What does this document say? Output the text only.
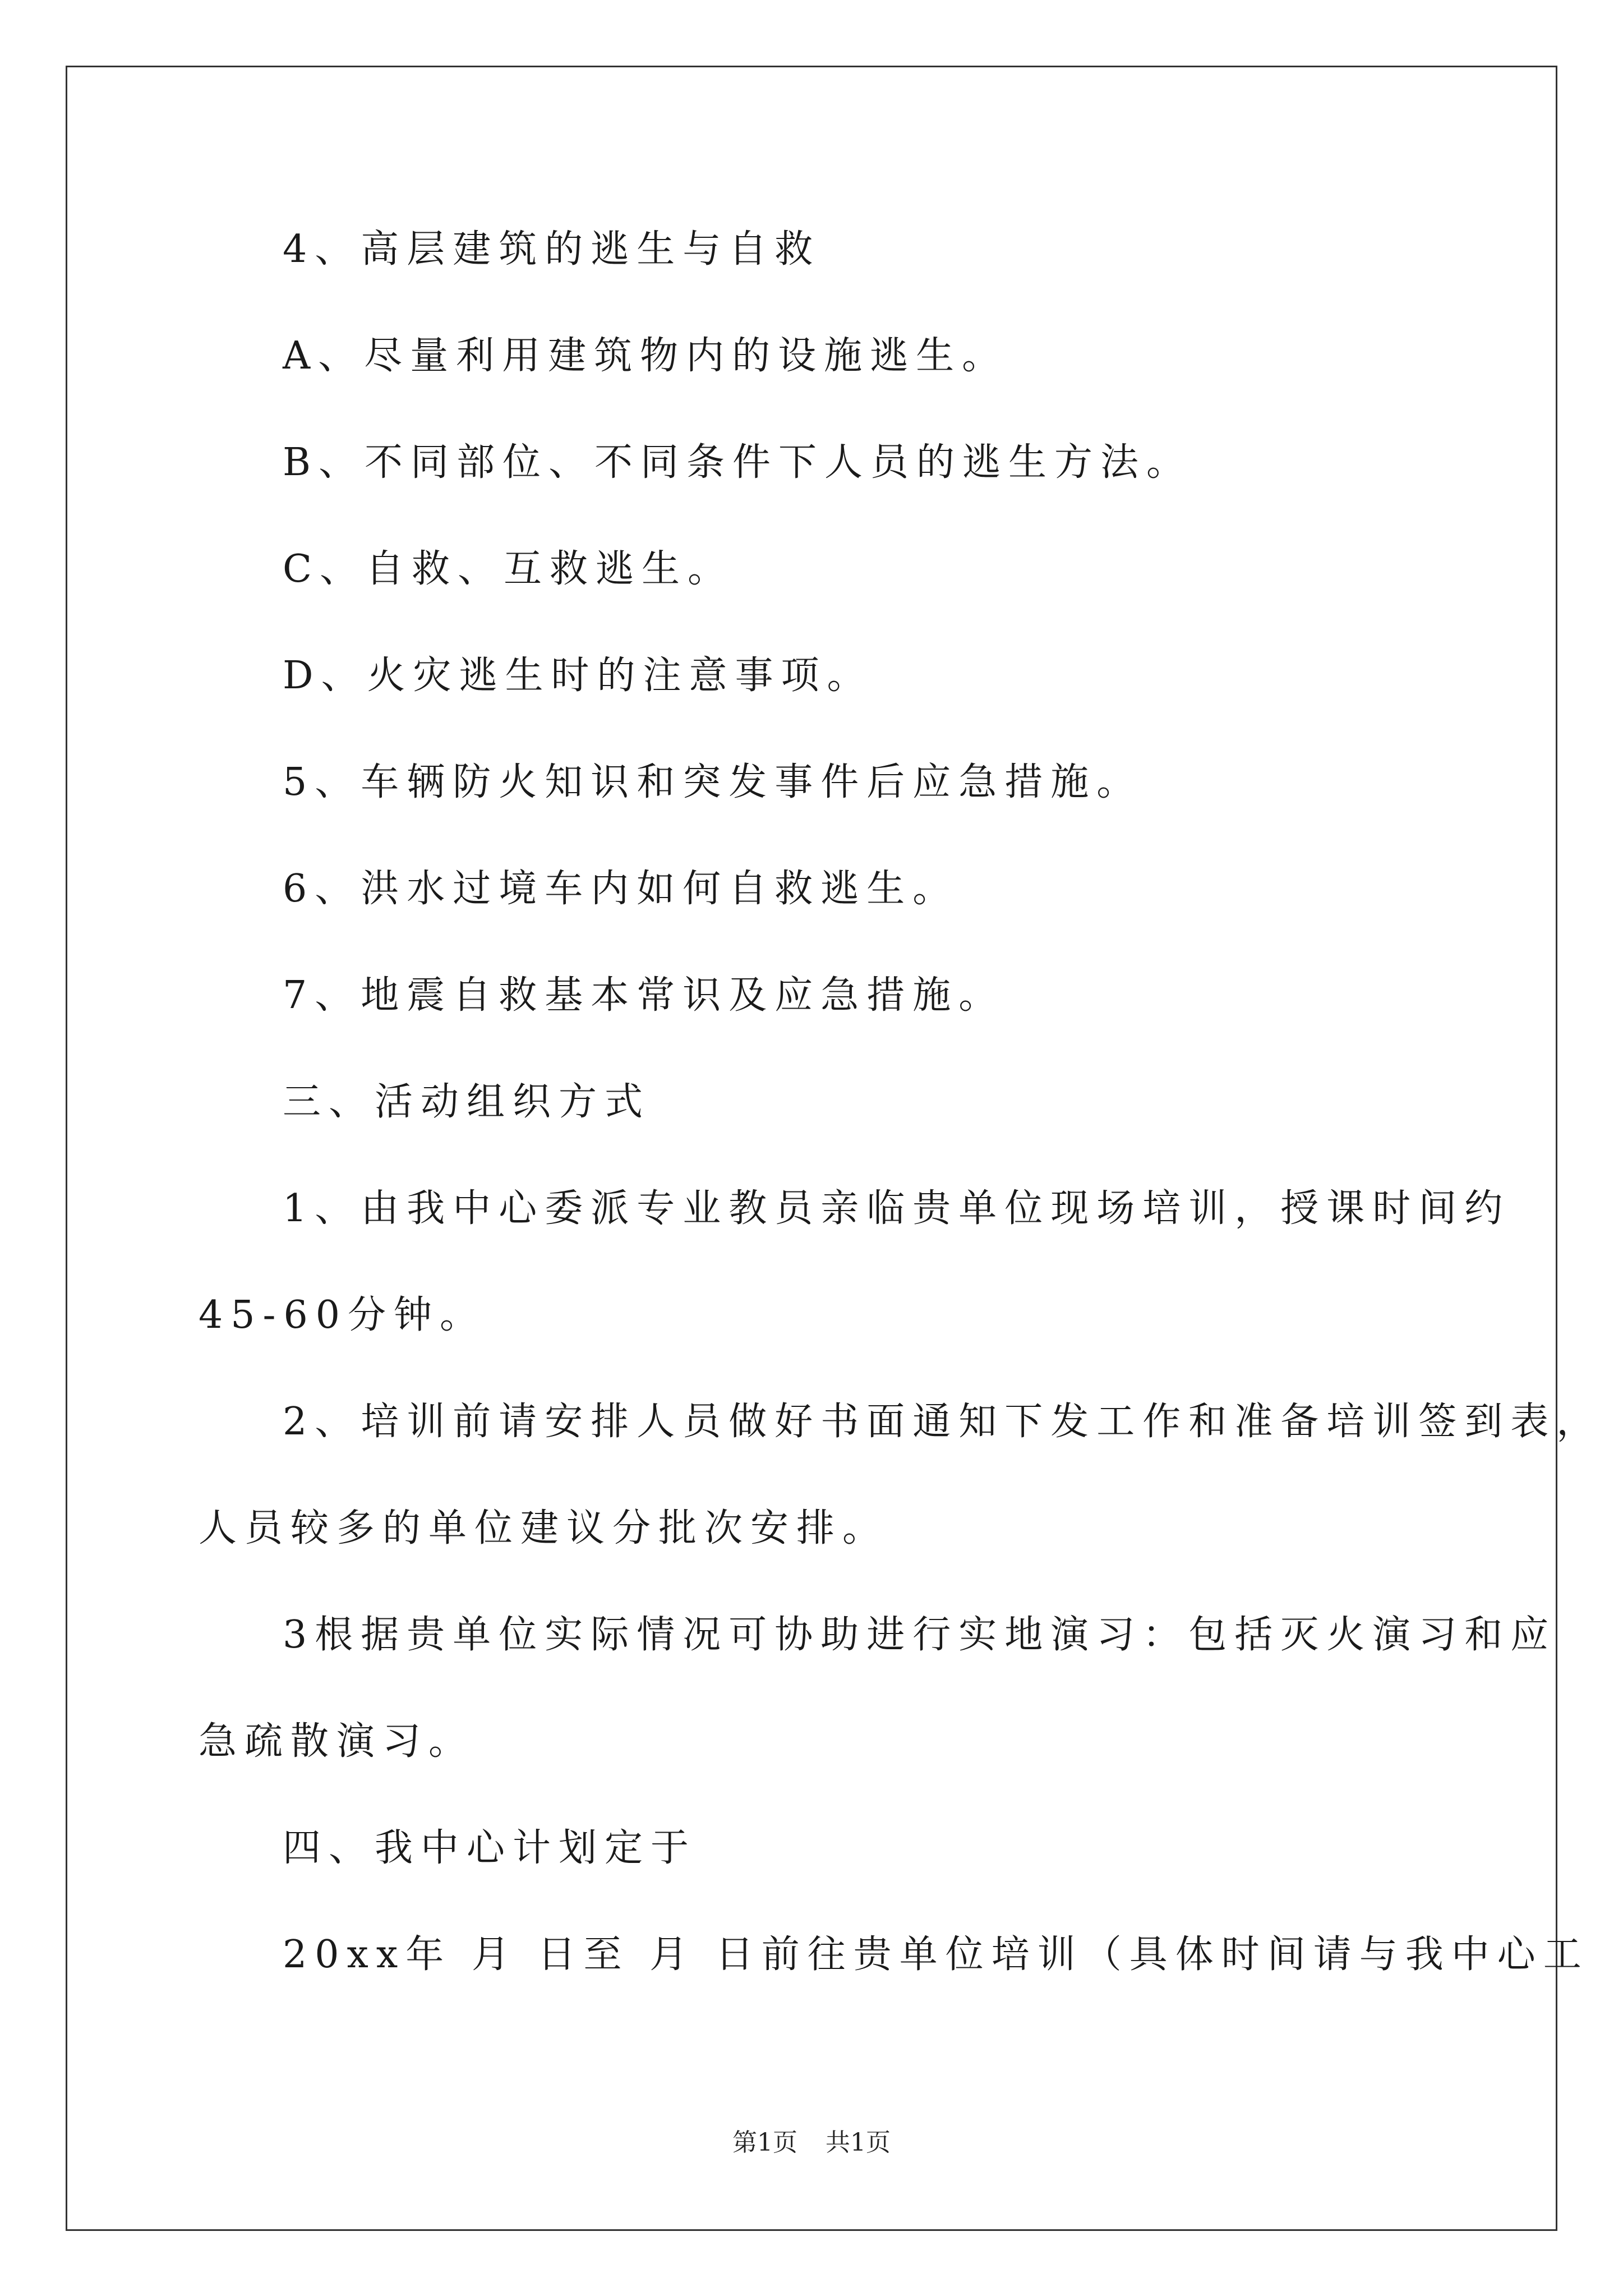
4、高层建筑的逃生与自救
A、尽量利用建筑物内的设施逃生。
B、不同部位、不同条件下人员的逃生方法。
C、自救、互救逃生。
D、火灾逃生时的注意事项。
5、车辆防火知识和突发事件后应急措施。
6、洪水过境车内如何自救逃生。
7、地震自救基本常识及应急措施。
三、活动组织方式
1、由我中心委派专业教员亲临贵单位现场培训，授课时间约
45-60分钟。
2、培训前请安排人员做好书面通知下发工作和准备培训签到表，
人员较多的单位建议分批次安排。
3根据贵单位实际情况可协助进行实地演习：包括灭火演习和应
急疏散演习。
四、我中心计划定于
20xx年 月 日至 月 日前往贵单位培训（具体时间请与我中心工
第1页 共1页
